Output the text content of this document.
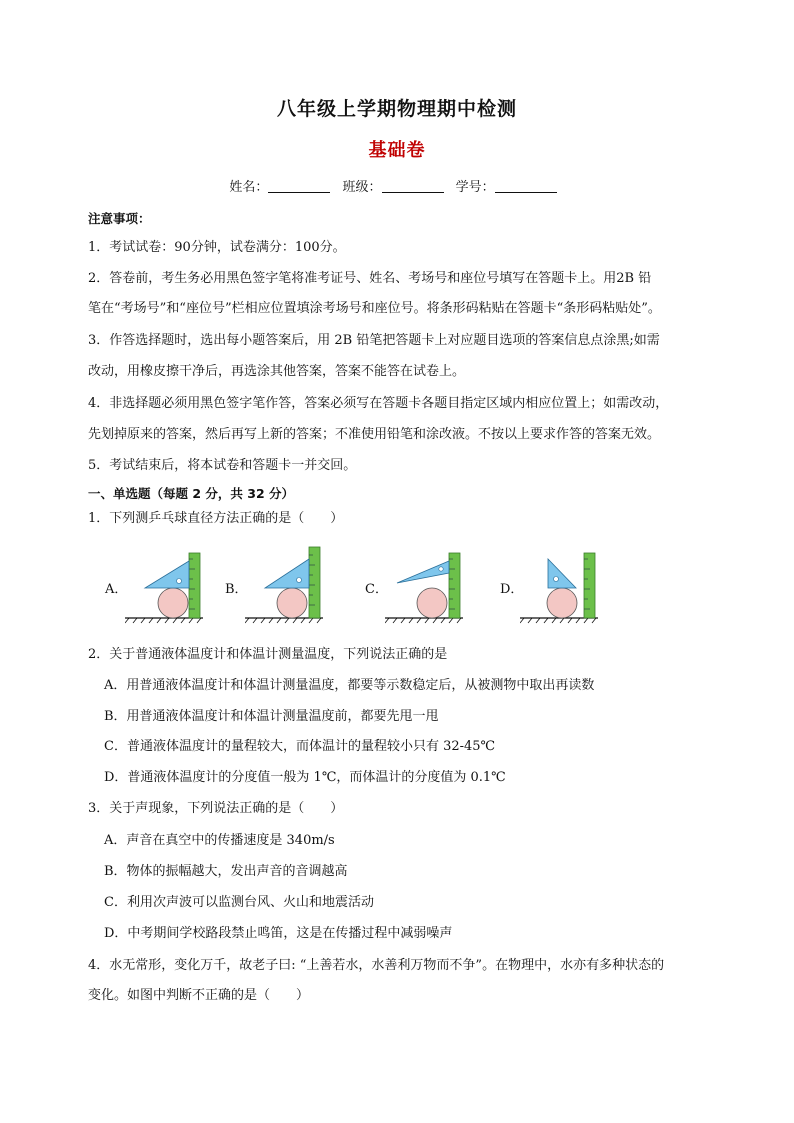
八年级上学期物理期中检测
基础卷
姓名：	班级：	学号：
注意事项：
1．考试试卷：90分钟，试卷满分：100分。
2．答卷前，考生务必用黑色签字笔将准考证号、姓名、考场号和座位号填写在答题卡上。用2B 铅
笔在“考场号”和“座位号”栏相应位置填涂考场号和座位号。将条形码粘贴在答题卡“条形码粘贴处”。
3．作答选择题时，选出每小题答案后，用 2B 铅笔把答题卡上对应题目选项的答案信息点涂黑;如需
改动，用橡皮擦干净后，再选涂其他答案，答案不能答在试卷上。
4．非选择题必须用黑色签字笔作答，答案必须写在答题卡各题目指定区域内相应位置上；如需改动，
先划掉原来的答案，然后再写上新的答案；不准使用铅笔和涂改液。不按以上要求作答的答案无效。
5．考试结束后，将本试卷和答题卡一并交回。
一、单选题（每题 2 分，共 32 分）
1．下列测乒乓球直径方法正确的是（　　）
A．	B．	C．	D．
2．关于普通液体温度计和体温计测量温度，下列说法正确的是
A．用普通液体温度计和体温计测量温度，都要等示数稳定后，从被测物中取出再读数
B．用普通液体温度计和体温计测量温度前，都要先甩一甩
C．普通液体温度计的量程较大，而体温计的量程较小只有 32-45℃
D．普通液体温度计的分度值一般为 1℃，而体温计的分度值为 0.1℃
3．关于声现象，下列说法正确的是（　　）
A．声音在真空中的传播速度是 340m/s
B．物体的振幅越大，发出声音的音调越高
C．利用次声波可以监测台风、火山和地震活动
D．中考期间学校路段禁止鸣笛，这是在传播过程中减弱噪声
4．水无常形，变化万千，故老子曰: “上善若水，水善利万物而不争”。在物理中，水亦有多种状态的
变化。如图中判断不正确的是（　　）
